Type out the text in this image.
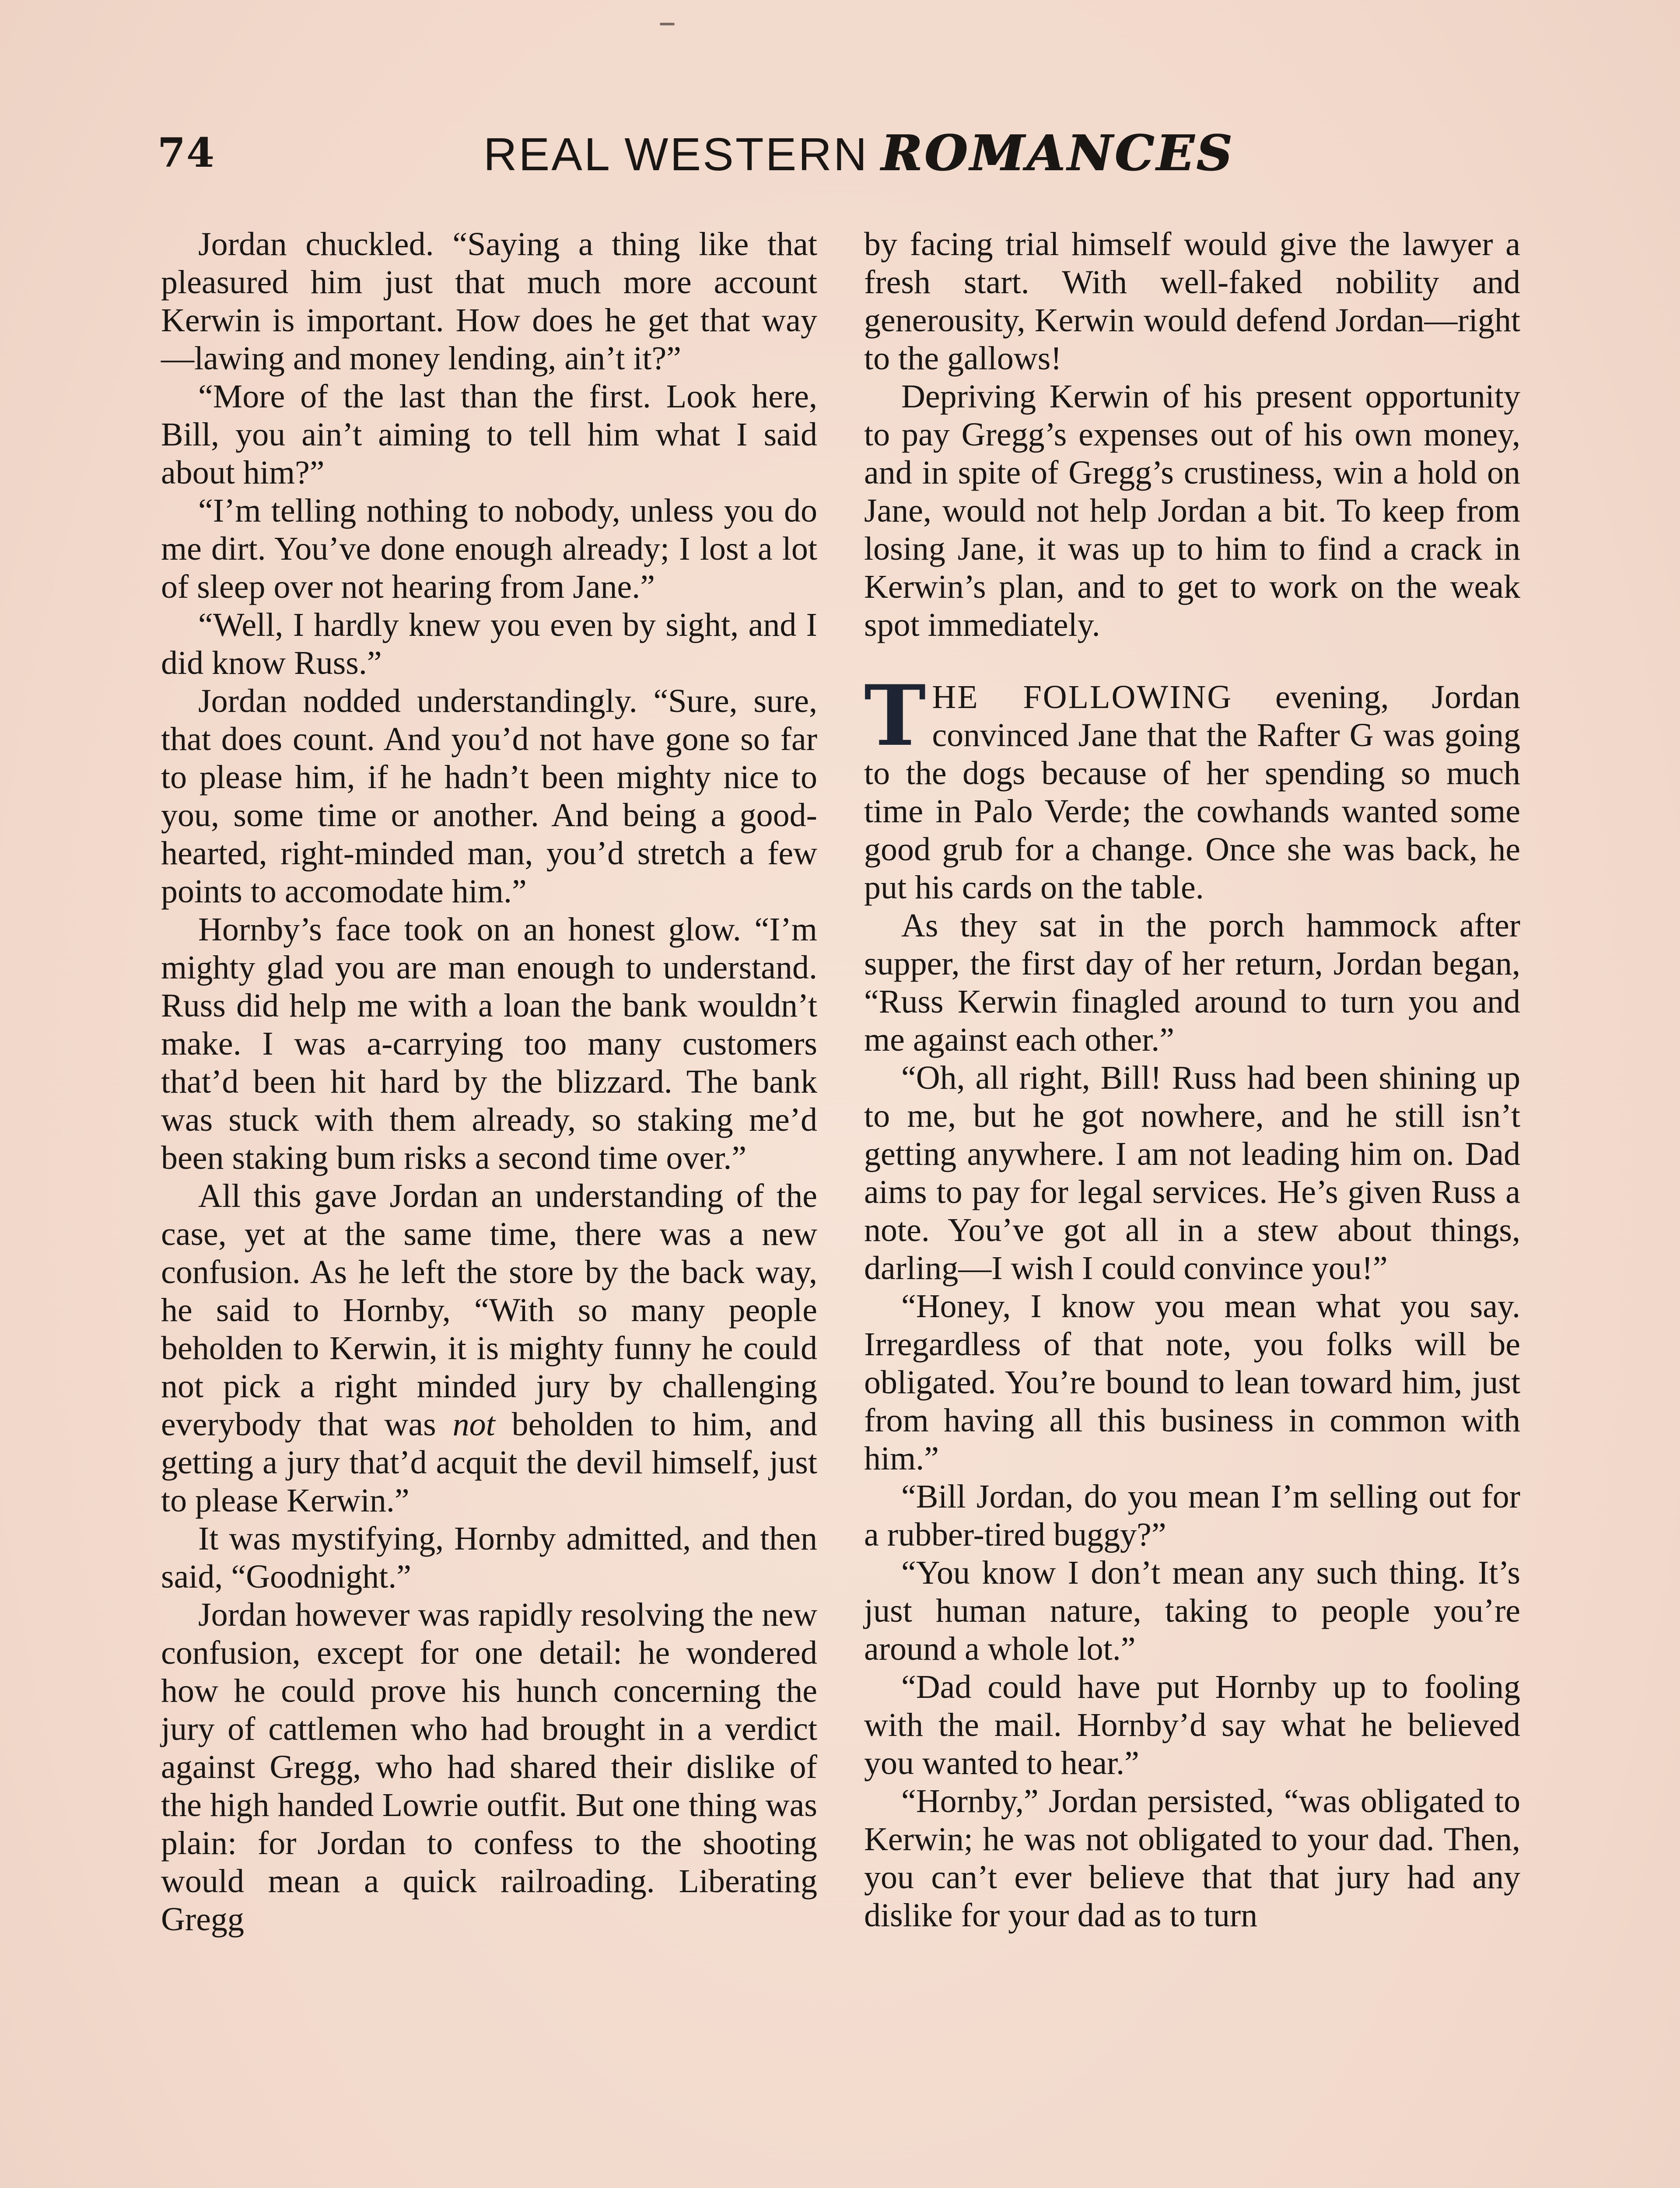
74	REAL WESTERN ROMANCES

Jordan chuckled. “Saying a thing like that pleasured him just that much more account Kerwin is important. How does he get that way —lawing and money lending, ain’t it?”

“More of the last than the first. Look here, Bill, you ain’t aiming to tell him what I said about him?”

“I’m telling nothing to nobody, unless you do me dirt. You’ve done enough already; I lost a lot of sleep over not hearing from Jane.”

“Well, I hardly knew you even by sight, and I did know Russ.”

Jordan nodded understandingly. “Sure, sure, that does count. And you’d not have gone so far to please him, if he hadn’t been mighty nice to you, some time or another. And being a good-hearted, right-minded man, you’d stretch a few points to accomodate him.”

Hornby’s face took on an honest glow. “I’m mighty glad you are man enough to understand. Russ did help me with a loan the bank wouldn’t make. I was a-carrying too many customers that’d been hit hard by the blizzard. The bank was stuck with them already, so staking me’d been staking bum risks a second time over.”

All this gave Jordan an understanding of the case, yet at the same time, there was a new confusion. As he left the store by the back way, he said to Hornby, “With so many people beholden to Kerwin, it is mighty funny he could not pick a right minded jury by challenging everybody that was not beholden to him, and getting a jury that’d acquit the devil himself, just to please Kerwin.”

It was mystifying, Hornby admitted, and then said, “Goodnight.”

Jordan however was rapidly resolving the new confusion, except for one detail: he wondered how he could prove his hunch concerning the jury of cattlemen who had brought in a verdict against Gregg, who had shared their dislike of the high handed Lowrie outfit. But one thing was plain: for Jordan to confess to the shooting would mean a quick railroading. Liberating Gregg

by facing trial himself would give the lawyer a fresh start. With well-faked nobility and generousity, Kerwin would defend Jordan—right to the gallows!

Depriving Kerwin of his present opportunity to pay Gregg’s expenses out of his own money, and in spite of Gregg’s crustiness, win a hold on Jane, would not help Jordan a bit. To keep from losing Jane, it was up to him to find a crack in Kerwin’s plan, and to get to work on the weak spot immediately.

THE FOLLOWING evening, Jordan convinced Jane that the Rafter G was going to the dogs because of her spending so much time in Palo Verde; the cowhands wanted some good grub for a change. Once she was back, he put his cards on the table.

As they sat in the porch hammock after supper, the first day of her return, Jordan began, “Russ Kerwin finagled around to turn you and me against each other.”

“Oh, all right, Bill! Russ had been shining up to me, but he got nowhere, and he still isn’t getting anywhere. I am not leading him on. Dad aims to pay for legal services. He’s given Russ a note. You’ve got all in a stew about things, darling—I wish I could convince you!”

“Honey, I know you mean what you say. Irregardless of that note, you folks will be obligated. You’re bound to lean toward him, just from having all this business in common with him.”

“Bill Jordan, do you mean I’m selling out for a rubber-tired buggy?”

“You know I don’t mean any such thing. It’s just human nature, taking to people you’re around a whole lot.”

“Dad could have put Hornby up to fooling with the mail. Hornby’d say what he believed you wanted to hear.”

“Hornby,” Jordan persisted, “was obligated to Kerwin; he was not obligated to your dad. Then, you can’t ever believe that that jury had any dislike for your dad as to turn
